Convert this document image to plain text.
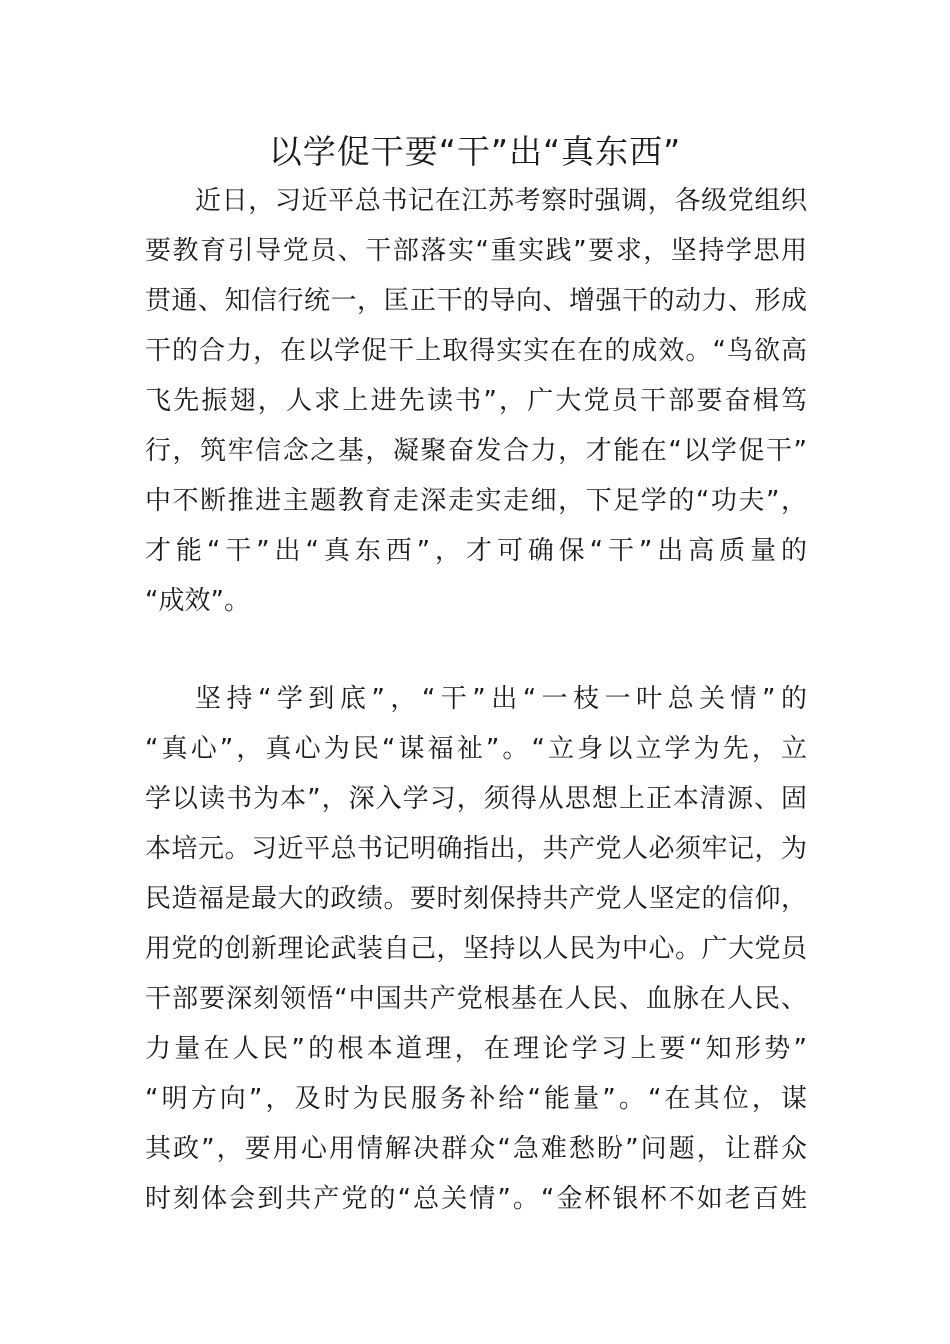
以学促干要“干”出“真东西”
近日，习近平总书记在江苏考察时强调，各级党组织
要教育引导党员、干部落实“重实践”要求，坚持学思用
贯通、知信行统一，匡正干的导向、增强干的动力、形成
干的合力，在以学促干上取得实实在在的成效。“鸟欲高
飞先振翅，人求上进先读书”，广大党员干部要奋楫笃
行，筑牢信念之基，凝聚奋发合力，才能在“以学促干”
中不断推进主题教育走深走实走细，下足学的“功夫”，
才能“干”出“真东西”，才可确保“干”出高质量的
“成效”。
坚持“学到底”，“干”出“一枝一叶总关情”的
“真心”，真心为民“谋福祉”。“立身以立学为先，立
学以读书为本”，深入学习，须得从思想上正本清源、固
本培元。习近平总书记明确指出，共产党人必须牢记，为
民造福是最大的政绩。要时刻保持共产党人坚定的信仰，
用党的创新理论武装自己，坚持以人民为中心。广大党员
干部要深刻领悟“中国共产党根基在人民、血脉在人民、
力量在人民”的根本道理，在理论学习上要“知形势”
“明方向”，及时为民服务补给“能量”。“在其位，谋
其政”，要用心用情解决群众“急难愁盼”问题，让群众
时刻体会到共产党的“总关情”。“金杯银杯不如老百姓
